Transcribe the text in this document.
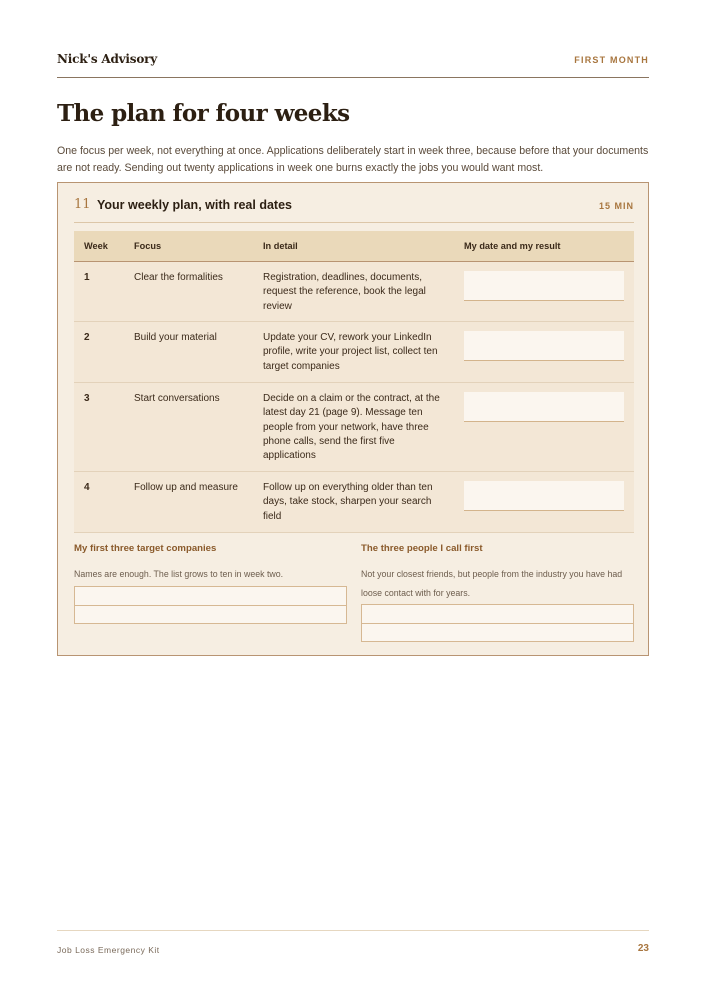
Nick's Advisory	FIRST MONTH
The plan for four weeks

One focus per week, not everything at once. Applications deliberately start in week three, because before that your documents are not ready. Sending out twenty applications in week one burns exactly the jobs you would want most.

11 Your weekly plan, with real dates	15 MIN
Week	Focus	In detail	My date and my result
1	Clear the formalities	Registration, deadlines, documents, request the reference, book the legal review
2	Build your material	Update your CV, rework your LinkedIn profile, write your project list, collect ten target companies
3	Start conversations	Decide on a claim or the contract, at the latest day 21 (page 9). Message ten people from your network, have three phone calls, send the first five applications
4	Follow up and measure	Follow up on everything older than ten days, take stock, sharpen your search field
My first three target companies
Names are enough. The list grows to ten in week two.
The three people I call first
Not your closest friends, but people from the industry you have had loose contact with for years.
Job Loss Emergency Kit	23
